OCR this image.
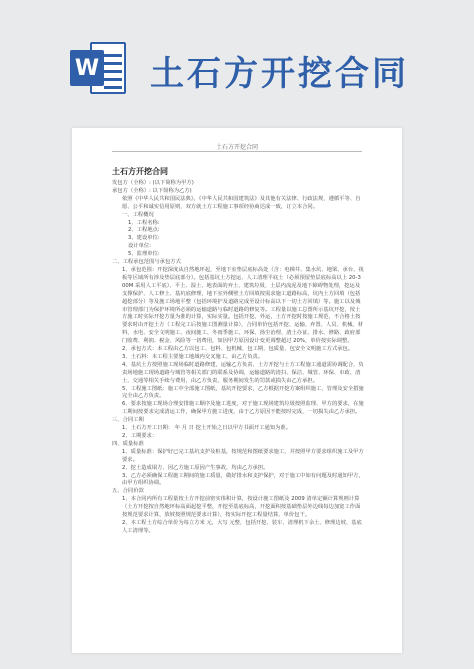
W 土石方开挖合同
土石方开挖合同
土石方开挖合同

发包方（全称）: (以下简称为甲方)

承包方（全称）: 以下简称为乙方)

依照《中华人民共和国民法典》、《中华人民共和国建筑法》及其他有关法律、行政法规，遵循平等、自愿、公平和诚实信用原则，双方就土方工程施工事项经协商达成一致，订立本合同。

一、工程概况

1、工程名称:

2、工程地点:

3、建设单位:

设计单位:

5、监理单位:

二、工程承包范围与承包方式

1、承包范围：开挖深度从自然地坪起，至地下室垫层底标高处（含：电梯井、集水坑、地梁、承台、筏板等区域所有涉及垫层底部分）。包括基坑土方挖运、人工清理平底土（必须预留垫层底标高以上 20-300M 采用人工平底）、平土、湿土、地表面的弃土、建筑垃圾、土层内流泥及地下障碍物处理，挖运及支撑保护、人工修土、基坑底修理，地下室外侧壁土方回填按需求施工道路标高，坑内土方回填（包括超挖部分）等及施工场地平整（包括环境护及道路完成至设计标高以下一切土方回填）等。施工以及城市管理部门为保护环境所必须的运输道路与临时道路的修复等。工程量以施工总图所示基坑开挖，按土方施工时实际开挖方量为准的计算，实际实量。包括开挖，外运，土方开挖时按施工规范，不合格土按要求时由开挖土方（工程完工后按施工图测量计算），合同单价包括开挖、运输、弃置、人员、机械、材料、水电、安全文明施工、夜间施工、冬雨季施工、环保、扬尘治理、渣土办证、排水、修路、政府部门收费、利润、税金、风险等一切费用，如因甲方原因设计变更调整超过 20%，单价按实际调整。

2、承包方式：本工程由乙方以包工、包料、包机械、包工期、包质量、包安全文明施工方式承包。

3、土石料：本工程主要施工地域内交叉施工，由乙方负责。

4、基坑土方按照施工现场临时道路修建，运输乙方负责，土方开挖与土方工程施工通道需协调配合，负责场地施工现场道路与城管等相关部门的联系及协调，运输道路的清扫、保洁、城管、环保、市政、渣土、交通等相关手续与费用，由乙方负责，服务期间发生的罚款或损失由乙方承担。

5、工程施工图纸：施工中全部施工图纸，基坑开挖要求，乙方根据开挖方案组织施工，管理及安全措施完全由乙方负责。

6、要求按施工现场合理安排施工顺序及施工进度，对于施工现场建筑垃圾按照监理、甲方的要求，在施工期间按要求完成清运工作，确保甲方施工进度，由于乙方原因不能按时完成，一切损失由乙方承担。

三、合同工期

1、土石方开工日期： 年 月 日 挖土开始之日以甲方书面开工通知为准。

2、工期要求：

四、质量标准

1、质量标准：保护好已完工基坑支护及桩基，按规范和图纸要求施工，并按照甲方要求组织施工及甲方要求。

2、挖土造成塌方、因乙方施工原因产生事故，均由乙方承担。

3、乙方必须确保工程施工期间的施工质量，做好排水和支护保护，对于施工中如有问题及时通知甲方，由甲方组织协调。

五、合同价款

1、本合同内所有工程量按土方开挖前密实体积计算，按设计施工图纸及 2009 清单定额计算规则计算（土方开挖按自然地坪标高面起挖平整，开挖至基底标高，开挖面积按基础垫层外边线每边加宽工作面按规范要求计算，放坡按照规范要求计算），按实际开挖工程量结算，单价包干。

2、本工程土方综合单价为每立方米 元，大写 元整，包括开挖、装车、清理机下余土、修理边坡、基底人工清理等。
